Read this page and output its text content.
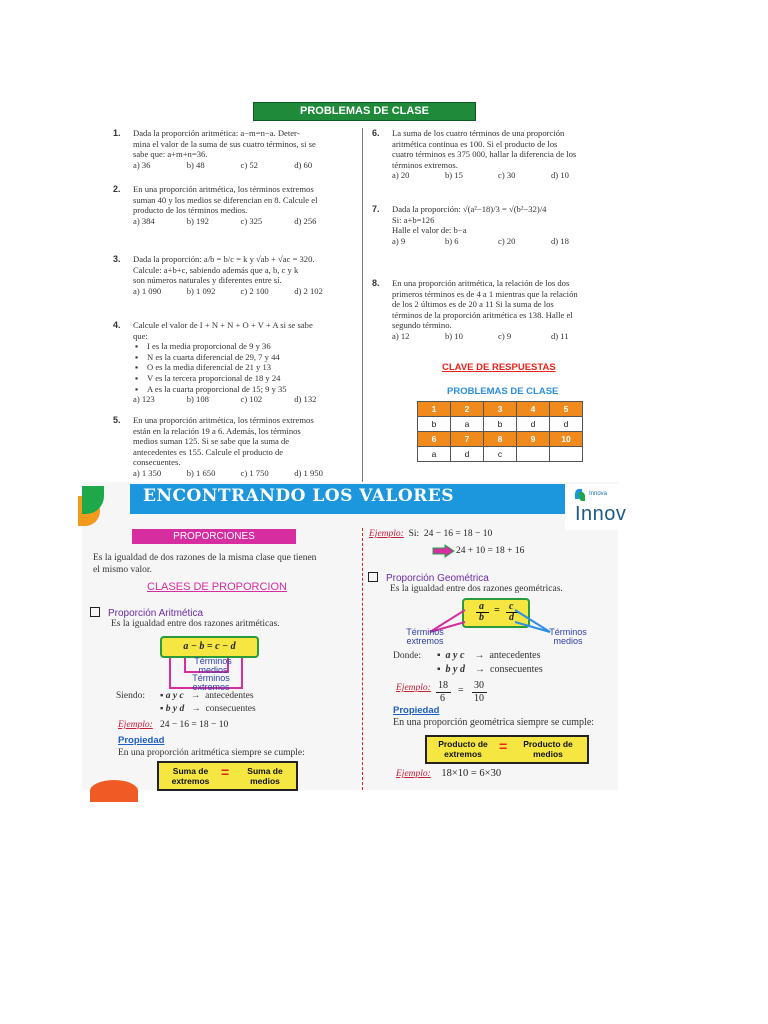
PROBLEMAS DE CLASE
1. Dada la proporción aritmética: a−m=n−a. Deter-
mina el valor de la suma de sus cuatro términos, si se
sabe que: a+m+n=36.
a) 36	b) 48	c) 52	d) 60
2. En una proporción aritmética, los términos extremos
suman 40 y los medios se diferencian en 8. Calcule el
producto de los términos medios.
a) 384	b) 192	c) 325	d) 256
3. Dada la proporción: a/b = b/c = k y √ab + √ac = 320.
Calcule: a+b+c, sabiendo además que a, b, c y k
son números naturales y diferentes entre sí.
a) 1 090	b) 1 092	c) 2 100	d) 2 102
4. Calcule el valor de I + N + N + O + V + A si se sabe
que:
▪ I es la media proporcional de 9 y 36
▪ N es la cuarta diferencial de 29, 7 y 44
▪ O es la media diferencial de 21 y 13
▪ V es la tercera proporcional de 18 y 24
▪ A es la cuarta proporcional de 15; 9 y 35
a) 123	b) 108	c) 102	d) 132
5. En una proporción aritmética, los términos extremos
están en la relación 19 a 6. Además, los términos
medios suman 125. Si se sabe que la suma de
antecedentes es 155. Calcule el producto de
consecuentes.
a) 1 350	b) 1 650	c) 1 750	d) 1 950
6. La suma de los cuatro términos de una proporción
aritmética continua es 100. Si el producto de los
cuatro términos es 375 000, hallar la diferencia de los
términos extremos.
a) 20	b) 15	c) 30	d) 10
7. Dada la proporción: √(a²−18)/3 = √(b²−32)/4
Si: a+b=126
Halle el valor de: b−a
a) 9	b) 6	c) 20	d) 18
8. En una proporción aritmética, la relación de los dos
primeros términos es de 4 a 1 mientras que la relación
de los 2 últimos es de 20 a 11 Si la suma de los
términos de la proporción aritmética es 138. Halle el
segundo término.
a) 12	b) 10	c) 9	d) 11
CLAVE DE RESPUESTAS
PROBLEMAS DE CLASE
1	2	3	4	5
b	a	b	d	d
6	7	8	9	10
a	d	c		
ENCONTRANDO LOS VALORES	Innova
Innov
PROPORCIONES
Es la igualdad de dos razones de la misma clase que tienen
el mismo valor.
CLASES DE PROPORCION
Proporción Aritmética
Es la igualdad entre dos razones aritméticas.
a − b = c − d
Términos medios
Términos extremos
Siendo: ▪ a y c   →  antecedentes
▪ b y d   →  consecuentes
Ejemplo: 24 − 16 = 18 − 10
Propiedad
En una proporción aritmética siempre se cumple:
Suma de extremos
=	Suma de medios
Ejemplo: Si: 24 − 16 = 18 − 10
24 + 10 = 18 + 16
Proporción Geométrica
Es la igualdad entre dos razones geométricas.
a
b
= c
d
Términos extremos
Términos medios
Donde: ▪  a y c    →  antecedentes
▪  b y d    →  consecuentes
Ejemplo: 18
6
= 30
10
Propiedad
En una proporción geométrica siempre se cumple:
Producto de extremos	=	Producto de medios
Ejemplo: 18×10 = 6×30
